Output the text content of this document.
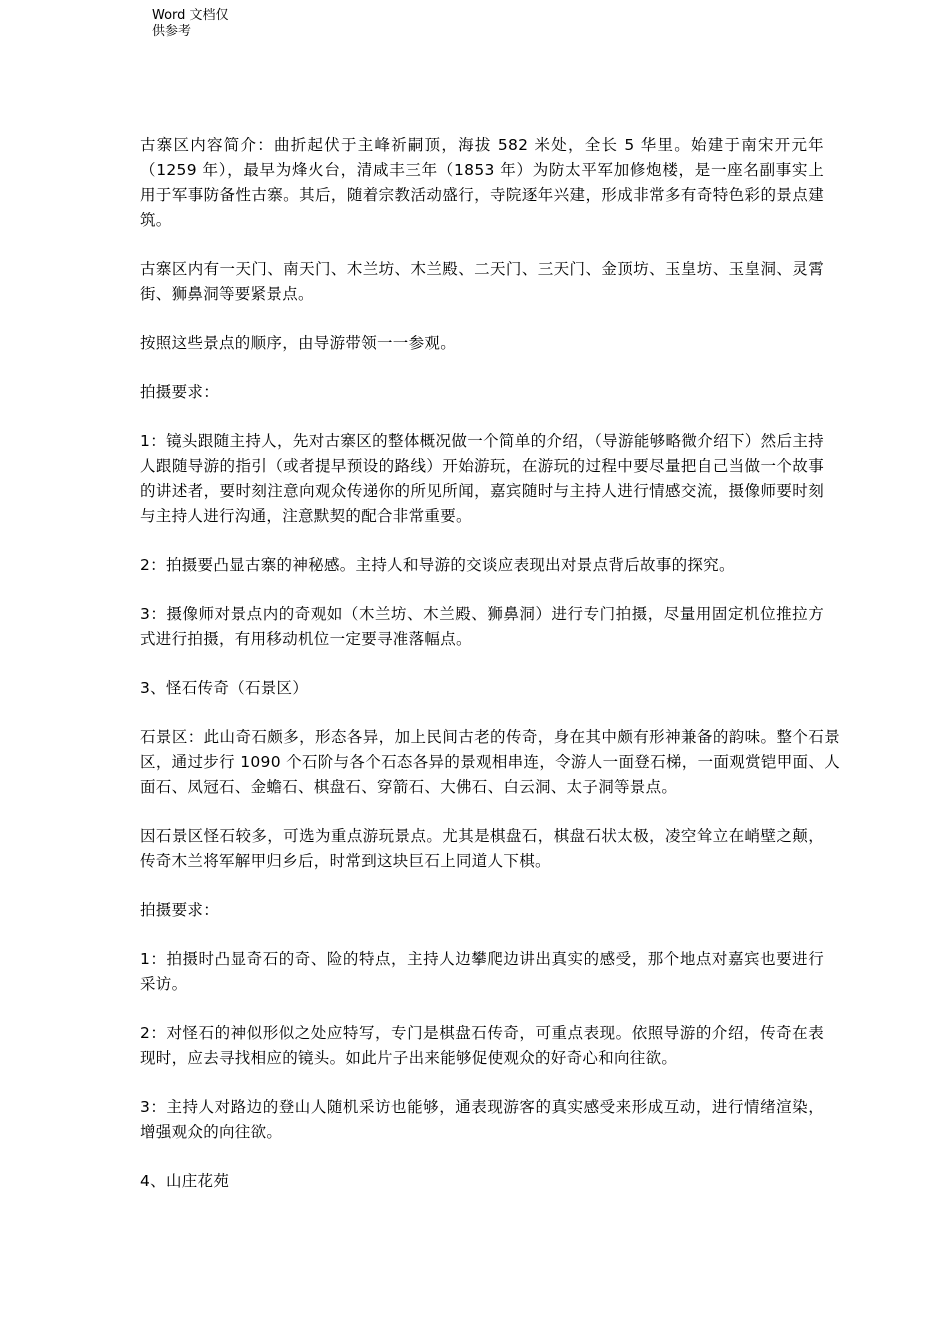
Word 文档仅供参考

古寨区内容简介：曲折起伏于主峰祈嗣顶，海拔 582 米处，全长 5 华里。始建于南宋开元年（1259 年），最早为烽火台，清咸丰三年（1853 年）为防太平军加修炮楼，是一座名副事实上用于军事防备性古寨。其后，随着宗教活动盛行，寺院逐年兴建，形成非常多有奇特色彩的景点建筑。

古寨区内有一天门、南天门、木兰坊、木兰殿、二天门、三天门、金顶坊、玉皇坊、玉皇洞、灵霄街、狮鼻洞等要紧景点。

按照这些景点的顺序，由导游带领一一参观。

拍摄要求：

1：镜头跟随主持人，先对古寨区的整体概况做一个简单的介绍，（导游能够略微介绍下）然后主持人跟随导游的指引（或者提早预设的路线）开始游玩，在游玩的过程中要尽量把自己当做一个故事的讲述者，要时刻注意向观众传递你的所见所闻，嘉宾随时与主持人进行情感交流，摄像师要时刻与主持人进行沟通，注意默契的配合非常重要。

2：拍摄要凸显古寨的神秘感。主持人和导游的交谈应表现出对景点背后故事的探究。

3：摄像师对景点内的奇观如（木兰坊、木兰殿、狮鼻洞）进行专门拍摄，尽量用固定机位推拉方式进行拍摄，有用移动机位一定要寻准落幅点。

3、怪石传奇（石景区）

石景区：此山奇石颇多，形态各异，加上民间古老的传奇，身在其中颇有形神兼备的韵味。整个石景区，通过步行 1090 个石阶与各个石态各异的景观相串连，令游人一面登石梯，一面观赏铠甲面、人面石、凤冠石、金蟾石、棋盘石、穿箭石、大佛石、白云洞、太子洞等景点。

因石景区怪石较多，可选为重点游玩景点。尤其是棋盘石，棋盘石状太极，凌空耸立在峭壁之颠，传奇木兰将军解甲归乡后，时常到这块巨石上同道人下棋。

拍摄要求：

1：拍摄时凸显奇石的奇、险的特点，主持人边攀爬边讲出真实的感受，那个地点对嘉宾也要进行采访。

2：对怪石的神似形似之处应特写，专门是棋盘石传奇，可重点表现。依照导游的介绍，传奇在表现时，应去寻找相应的镜头。如此片子出来能够促使观众的好奇心和向往欲。

3：主持人对路边的登山人随机采访也能够，通表现游客的真实感受来形成互动，进行情绪渲染，增强观众的向往欲。

4、山庄花苑
